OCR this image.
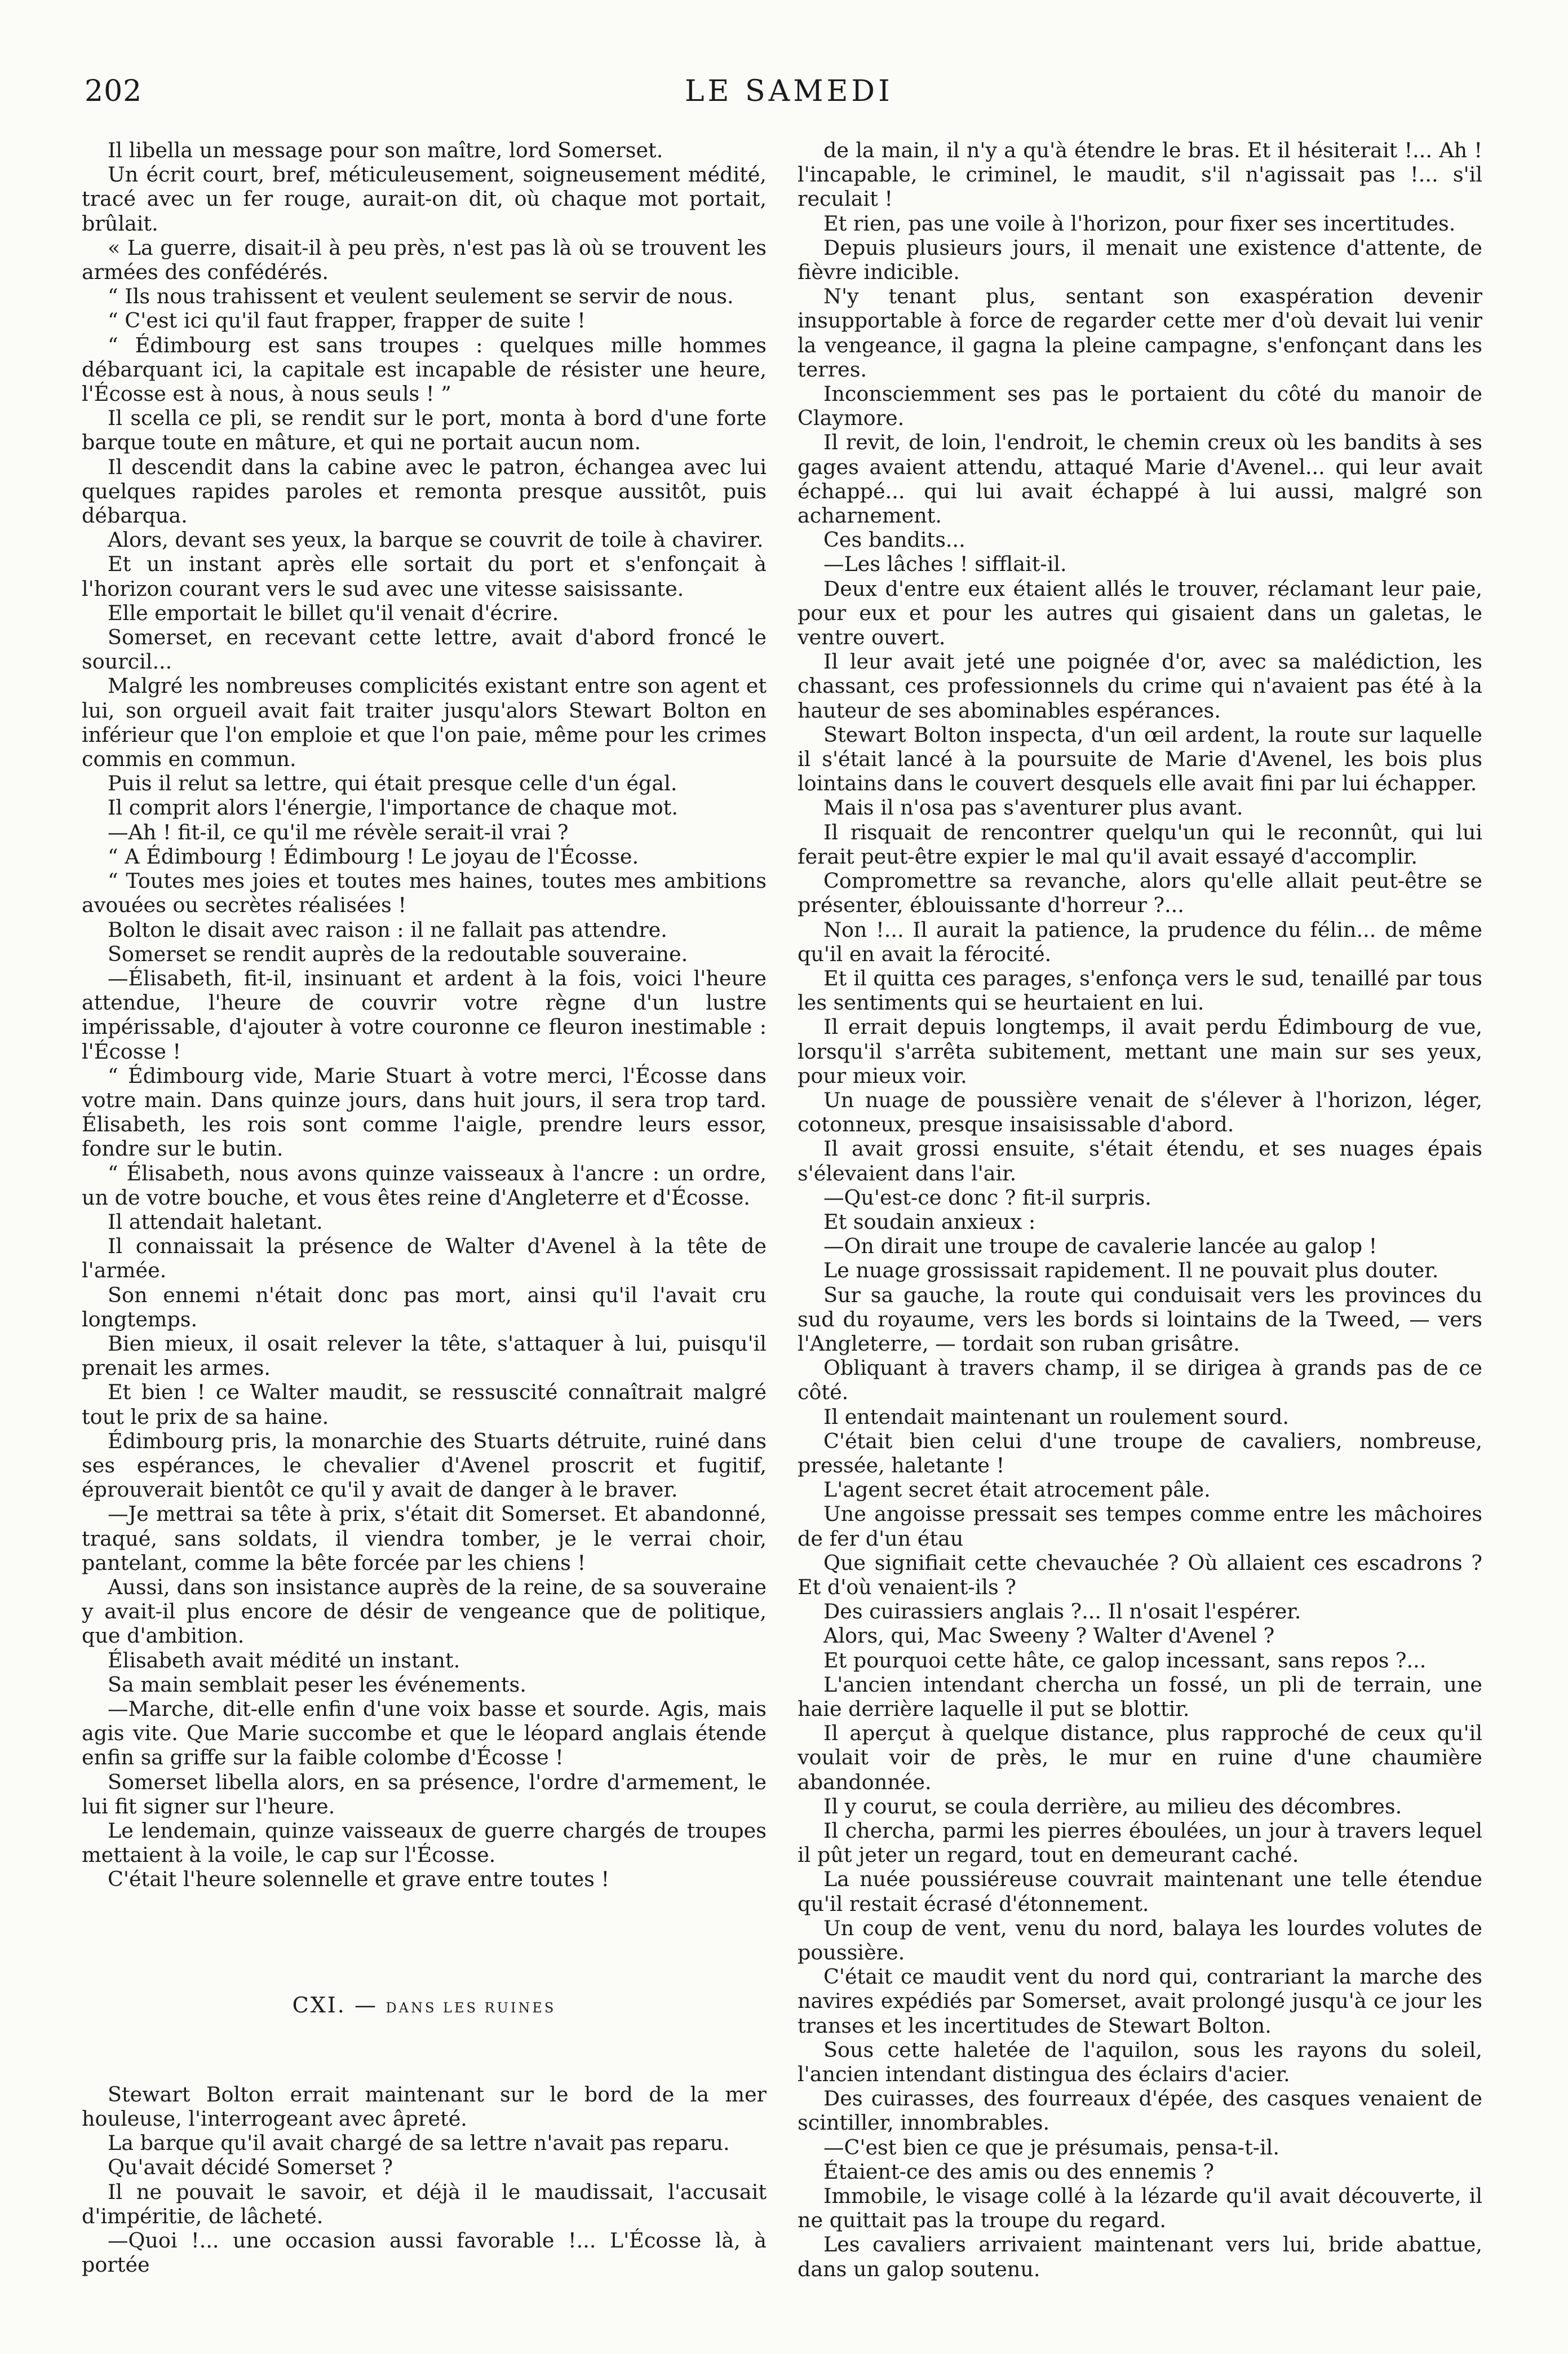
202	LE SAMEDI

Il libella un message pour son maître, lord Somerset.

Un écrit court, bref, méticuleusement, soigneusement médité, tracé avec un fer rouge, aurait-on dit, où chaque mot portait, brûlait.

« La guerre, disait-il à peu près, n'est pas là où se trouvent les armées des confédérés.

“ Ils nous trahissent et veulent seulement se servir de nous.

“ C'est ici qu'il faut frapper, frapper de suite !

“ Édimbourg est sans troupes : quelques mille hommes débarquant ici, la capitale est incapable de résister une heure, l'Écosse est à nous, à nous seuls ! ”

Il scella ce pli, se rendit sur le port, monta à bord d'une forte barque toute en mâture, et qui ne portait aucun nom.

Il descendit dans la cabine avec le patron, échangea avec lui quelques rapides paroles et remonta presque aussitôt, puis débarqua.

Alors, devant ses yeux, la barque se couvrit de toile à chavirer.

Et un instant après elle sortait du port et s'enfonçait à l'horizon courant vers le sud avec une vitesse saisissante.

Elle emportait le billet qu'il venait d'écrire.

Somerset, en recevant cette lettre, avait d'abord froncé le sourcil...

Malgré les nombreuses complicités existant entre son agent et lui, son orgueil avait fait traiter jusqu'alors Stewart Bolton en inférieur que l'on emploie et que l'on paie, même pour les crimes commis en commun.

Puis il relut sa lettre, qui était presque celle d'un égal.

Il comprit alors l'énergie, l'importance de chaque mot.

—Ah ! fit-il, ce qu'il me révèle serait-il vrai ?

“ A Édimbourg ! Édimbourg ! Le joyau de l'Écosse.

“ Toutes mes joies et toutes mes haines, toutes mes ambitions avouées ou secrètes réalisées !

Bolton le disait avec raison : il ne fallait pas attendre.

Somerset se rendit auprès de la redoutable souveraine.

—Élisabeth, fit-il, insinuant et ardent à la fois, voici l'heure attendue, l'heure de couvrir votre règne d'un lustre impérissable, d'ajouter à votre couronne ce fleuron inestimable : l'Écosse !

“ Édimbourg vide, Marie Stuart à votre merci, l'Écosse dans votre main. Dans quinze jours, dans huit jours, il sera trop tard. Élisabeth, les rois sont comme l'aigle, prendre leurs essor, fondre sur le butin.

“ Élisabeth, nous avons quinze vaisseaux à l'ancre : un ordre, un de votre bouche, et vous êtes reine d'Angleterre et d'Écosse.

Il attendait haletant.

Il connaissait la présence de Walter d'Avenel à la tête de l'armée.

Son ennemi n'était donc pas mort, ainsi qu'il l'avait cru longtemps.

Bien mieux, il osait relever la tête, s'attaquer à lui, puisqu'il prenait les armes.

Et bien ! ce Walter maudit, se ressuscité connaîtrait malgré tout le prix de sa haine.

Édimbourg pris, la monarchie des Stuarts détruite, ruiné dans ses espérances, le chevalier d'Avenel proscrit et fugitif, éprouverait bientôt ce qu'il y avait de danger à le braver.

—Je mettrai sa tête à prix, s'était dit Somerset. Et abandonné, traqué, sans soldats, il viendra tomber, je le verrai choir, pantelant, comme la bête forcée par les chiens !

Aussi, dans son insistance auprès de la reine, de sa souveraine y avait-il plus encore de désir de vengeance que de politique, que d'ambition.

Élisabeth avait médité un instant.

Sa main semblait peser les événements.

—Marche, dit-elle enfin d'une voix basse et sourde. Agis, mais agis vite. Que Marie succombe et que le léopard anglais étende enfin sa griffe sur la faible colombe d'Écosse !

Somerset libella alors, en sa présence, l'ordre d'armement, le lui fit signer sur l'heure.

Le lendemain, quinze vaisseaux de guerre chargés de troupes mettaient à la voile, le cap sur l'Écosse.

C'était l'heure solennelle et grave entre toutes !

CXI. — DANS LES RUINES

Stewart Bolton errait maintenant sur le bord de la mer houleuse, l'interrogeant avec âpreté.

La barque qu'il avait chargé de sa lettre n'avait pas reparu.

Qu'avait décidé Somerset ?

Il ne pouvait le savoir, et déjà il le maudissait, l'accusait d'impéritie, de lâcheté.

—Quoi !... une occasion aussi favorable !... L'Écosse là, à portée

de la main, il n'y a qu'à étendre le bras. Et il hésiterait !... Ah ! l'incapable, le criminel, le maudit, s'il n'agissait pas !... s'il reculait !

Et rien, pas une voile à l'horizon, pour fixer ses incertitudes.

Depuis plusieurs jours, il menait une existence d'attente, de fièvre indicible.

N'y tenant plus, sentant son exaspération devenir insupportable à force de regarder cette mer d'où devait lui venir la vengeance, il gagna la pleine campagne, s'enfonçant dans les terres.

Inconsciemment ses pas le portaient du côté du manoir de Claymore.

Il revit, de loin, l'endroit, le chemin creux où les bandits à ses gages avaient attendu, attaqué Marie d'Avenel... qui leur avait échappé... qui lui avait échappé à lui aussi, malgré son acharnement.

Ces bandits...

—Les lâches ! sifflait-il.

Deux d'entre eux étaient allés le trouver, réclamant leur paie, pour eux et pour les autres qui gisaient dans un galetas, le ventre ouvert.

Il leur avait jeté une poignée d'or, avec sa malédiction, les chassant, ces professionnels du crime qui n'avaient pas été à la hauteur de ses abominables espérances.

Stewart Bolton inspecta, d'un œil ardent, la route sur laquelle il s'était lancé à la poursuite de Marie d'Avenel, les bois plus lointains dans le couvert desquels elle avait fini par lui échapper.

Mais il n'osa pas s'aventurer plus avant.

Il risquait de rencontrer quelqu'un qui le reconnût, qui lui ferait peut-être expier le mal qu'il avait essayé d'accomplir.

Compromettre sa revanche, alors qu'elle allait peut-être se présenter, éblouissante d'horreur ?...

Non !... Il aurait la patience, la prudence du félin... de même qu'il en avait la férocité.

Et il quitta ces parages, s'enfonça vers le sud, tenaillé par tous les sentiments qui se heurtaient en lui.

Il errait depuis longtemps, il avait perdu Édimbourg de vue, lorsqu'il s'arrêta subitement, mettant une main sur ses yeux, pour mieux voir.

Un nuage de poussière venait de s'élever à l'horizon, léger, cotonneux, presque insaisissable d'abord.

Il avait grossi ensuite, s'était étendu, et ses nuages épais s'élevaient dans l'air.

—Qu'est-ce donc ? fit-il surpris.

Et soudain anxieux :

—On dirait une troupe de cavalerie lancée au galop !

Le nuage grossissait rapidement. Il ne pouvait plus douter.

Sur sa gauche, la route qui conduisait vers les provinces du sud du royaume, vers les bords si lointains de la Tweed, — vers l'Angleterre, — tordait son ruban grisâtre.

Obliquant à travers champ, il se dirigea à grands pas de ce côté.

Il entendait maintenant un roulement sourd.

C'était bien celui d'une troupe de cavaliers, nombreuse, pressée, haletante !

L'agent secret était atrocement pâle.

Une angoisse pressait ses tempes comme entre les mâchoires de fer d'un étau

Que signifiait cette chevauchée ? Où allaient ces escadrons ? Et d'où venaient-ils ?

Des cuirassiers anglais ?... Il n'osait l'espérer.

Alors, qui, Mac Sweeny ? Walter d'Avenel ?

Et pourquoi cette hâte, ce galop incessant, sans repos ?...

L'ancien intendant chercha un fossé, un pli de terrain, une haie derrière laquelle il put se blottir.

Il aperçut à quelque distance, plus rapproché de ceux qu'il voulait voir de près, le mur en ruine d'une chaumière abandonnée.

Il y courut, se coula derrière, au milieu des décombres.

Il chercha, parmi les pierres éboulées, un jour à travers lequel il pût jeter un regard, tout en demeurant caché.

La nuée poussiéreuse couvrait maintenant une telle étendue qu'il restait écrasé d'étonnement.

Un coup de vent, venu du nord, balaya les lourdes volutes de poussière.

C'était ce maudit vent du nord qui, contrariant la marche des navires expédiés par Somerset, avait prolongé jusqu'à ce jour les transes et les incertitudes de Stewart Bolton.

Sous cette haletée de l'aquilon, sous les rayons du soleil, l'ancien intendant distingua des éclairs d'acier.

Des cuirasses, des fourreaux d'épée, des casques venaient de scintiller, innombrables.

—C'est bien ce que je présumais, pensa-t-il.

Étaient-ce des amis ou des ennemis ?

Immobile, le visage collé à la lézarde qu'il avait découverte, il ne quittait pas la troupe du regard.

Les cavaliers arrivaient maintenant vers lui, bride abattue, dans un galop soutenu.
